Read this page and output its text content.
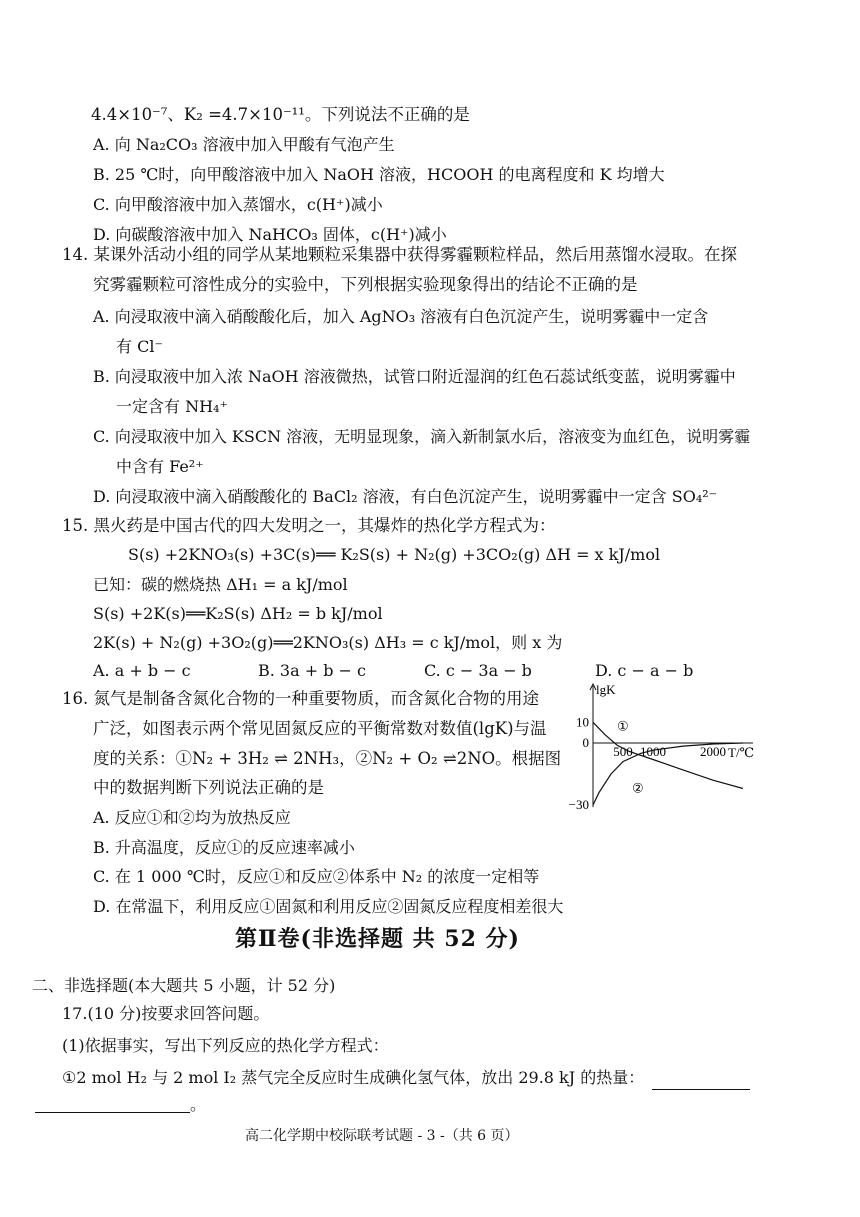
4.4×10⁻⁷、K₂ =4.7×10⁻¹¹。下列说法不正确的是
A. 向 Na₂CO₃ 溶液中加入甲酸有气泡产生
B. 25 ℃时，向甲酸溶液中加入 NaOH 溶液，HCOOH 的电离程度和 K 均增大
C. 向甲酸溶液中加入蒸馏水，c(H⁺)减小
D. 向碳酸溶液中加入 NaHCO₃ 固体，c(H⁺)减小
14. 某课外活动小组的同学从某地颗粒采集器中获得雾霾颗粒样品，然后用蒸馏水浸取。在探
究雾霾颗粒可溶性成分的实验中，下列根据实验现象得出的结论不正确的是
A. 向浸取液中滴入硝酸酸化后，加入 AgNO₃ 溶液有白色沉淀产生，说明雾霾中一定含
有 Cl⁻
B. 向浸取液中加入浓 NaOH 溶液微热，试管口附近湿润的红色石蕊试纸变蓝，说明雾霾中
一定含有 NH₄⁺
C. 向浸取液中加入 KSCN 溶液，无明显现象，滴入新制氯水后，溶液变为血红色，说明雾霾
中含有 Fe²⁺
D. 向浸取液中滴入硝酸酸化的 BaCl₂ 溶液，有白色沉淀产生，说明雾霾中一定含 SO₄²⁻
15. 黑火药是中国古代的四大发明之一，其爆炸的热化学方程式为：
S(s) +2KNO₃(s) +3C(s)══ K₂S(s) + N₂(g) +3CO₂(g) ΔH = x kJ/mol
已知：碳的燃烧热 ΔH₁ = a kJ/mol
S(s) +2K(s)══K₂S(s) ΔH₂ = b kJ/mol
2K(s) + N₂(g) +3O₂(g)══2KNO₃(s) ΔH₃ = c kJ/mol，则 x 为
A. a + b − c	B. 3a + b − c	C. c − 3a − b	D. c − a − b
16. 氮气是制备含氮化合物的一种重要物质，而含氮化合物的用途
广泛，如图表示两个常见固氮反应的平衡常数对数值(lgK)与温
度的关系：①N₂ + 3H₂ ⇌ 2NH₃，②N₂ + O₂ ⇌2NO。根据图
中的数据判断下列说法正确的是
A. 反应①和②均为放热反应
B. 升高温度，反应①的反应速率减小
C. 在 1 000 ℃时，反应①和反应②体系中 N₂ 的浓度一定相等
D. 在常温下，利用反应①固氮和利用反应②固氮反应程度相差很大
lgK
T/℃
500 1000	2000
10
0
−30
①
②
第Ⅱ卷(非选择题 共 52 分)
二、非选择题(本大题共 5 小题，计 52 分)
17.(10 分)按要求回答问题。
(1)依据事实，写出下列反应的热化学方程式：
①2 mol H₂ 与 2 mol I₂ 蒸气完全反应时生成碘化氢气体，放出 29.8 kJ 的热量：
。
高二化学期中校际联考试题 - 3 -（共 6 页）
